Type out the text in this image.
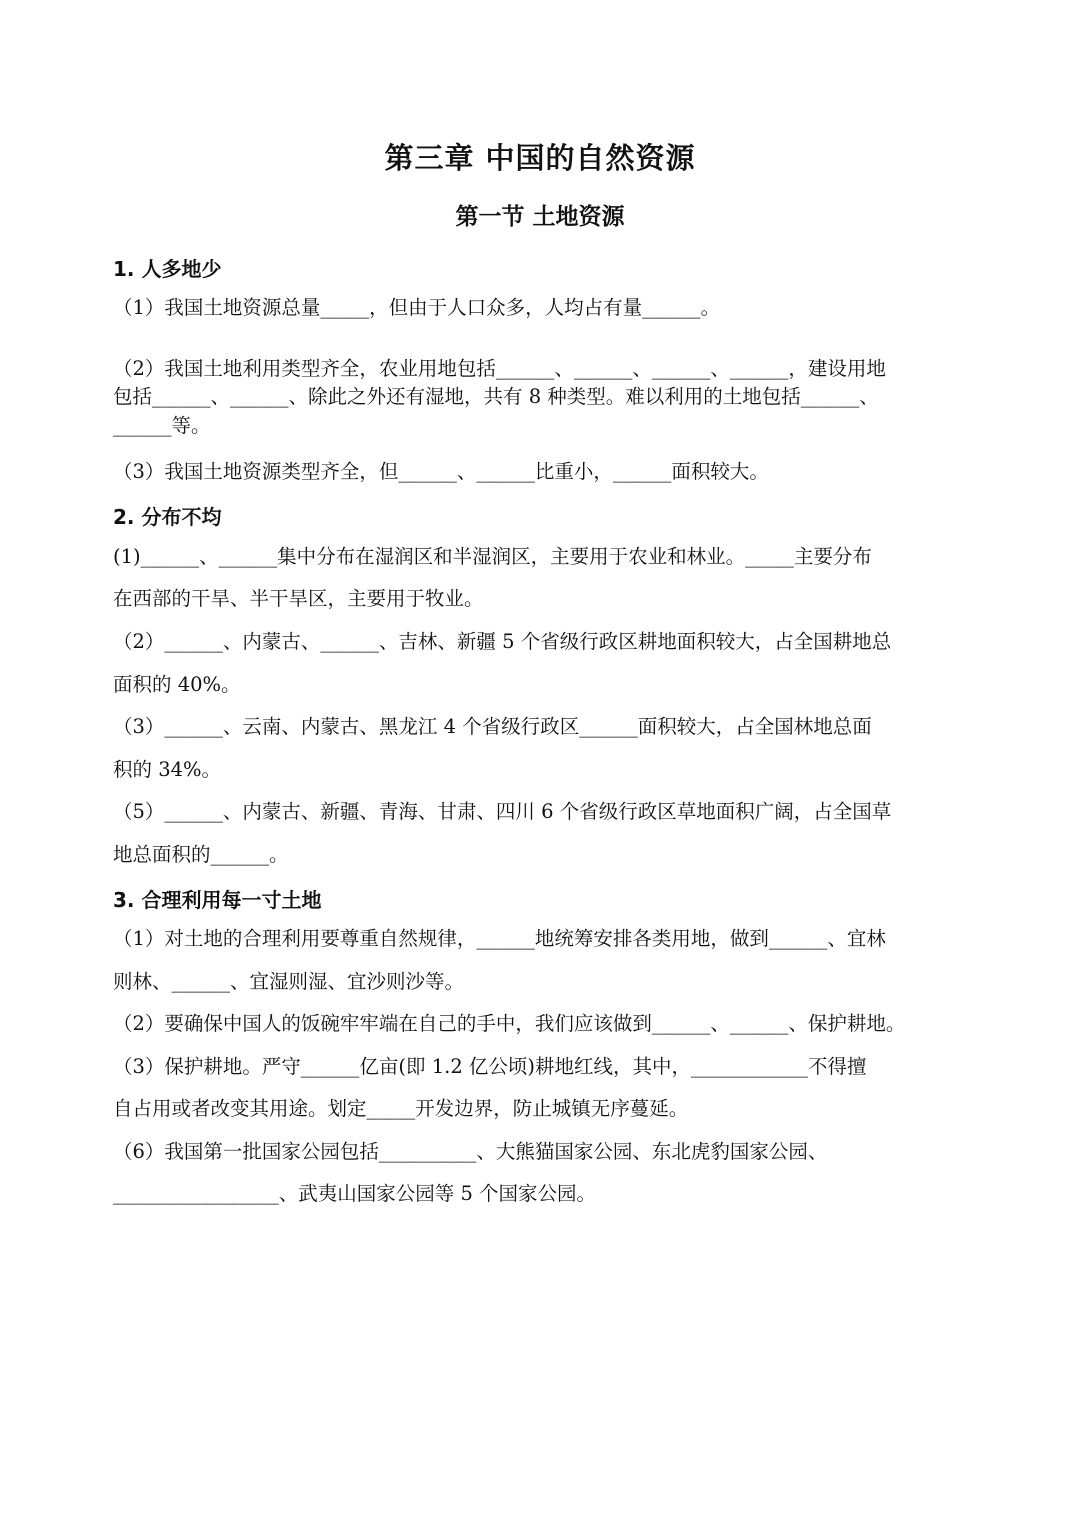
第三章 中国的自然资源
第一节 土地资源
1. 人多地少
（1）我国土地资源总量_____，但由于人口众多，人均占有量______。
（2）我国土地利用类型齐全，农业用地包括______、______、______、______，建设用地
包括______、______、除此之外还有湿地，共有 8 种类型。难以利用的土地包括______、
______等。
（3）我国土地资源类型齐全，但______、______比重小，______面积较大。
2. 分布不均
(1)______、______集中分布在湿润区和半湿润区，主要用于农业和林业。_____主要分布
在西部的干旱、半干旱区，主要用于牧业。
（2）______、内蒙古、______、吉林、新疆 5 个省级行政区耕地面积较大，占全国耕地总
面积的 40%。
（3）______、云南、内蒙古、黑龙江 4 个省级行政区______面积较大，占全国林地总面
积的 34%。
（5）______、内蒙古、新疆、青海、甘肃、四川 6 个省级行政区草地面积广阔，占全国草
地总面积的______。
3. 合理利用每一寸土地
（1）对土地的合理利用要尊重自然规律，______地统筹安排各类用地，做到______、宜林
则林、______、宜湿则湿、宜沙则沙等。
（2）要确保中国人的饭碗牢牢端在自己的手中，我们应该做到______、______、保护耕地。
（3）保护耕地。严守______亿亩(即 1.2 亿公顷)耕地红线，其中，____________不得擅
自占用或者改变其用途。划定_____开发边界，防止城镇无序蔓延。
（6）我国第一批国家公园包括__________、大熊猫国家公园、东北虎豹国家公园、
_________________、武夷山国家公园等 5 个国家公园。
